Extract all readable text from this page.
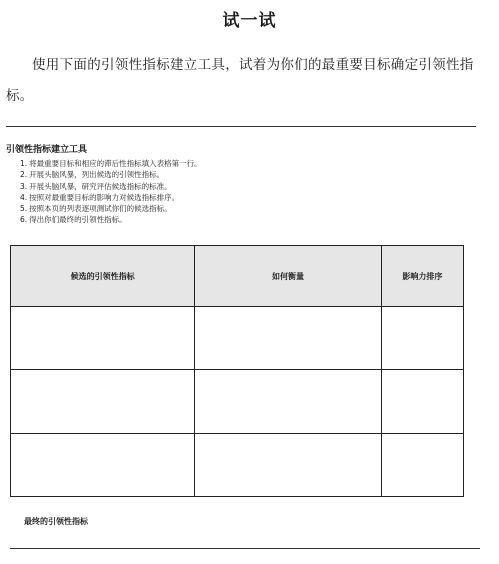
试一试

使用下面的引领性指标建立工具，试着为你们的最重要目标确定引领性指标。

引领性指标建立工具
1. 将最重要目标和相应的滞后性指标填入表格第一行。
2. 开展头脑风暴，列出候选的引领性指标。
3. 开展头脑风暴，研究评估候选指标的标准。
4. 按照对最重要目标的影响力对候选指标排序。
5. 按照本页的列表逐项测试你们的候选指标。
6. 得出你们最终的引领性指标。
候选的引领性指标	如何衡量	影响力排序

最终的引领性指标
